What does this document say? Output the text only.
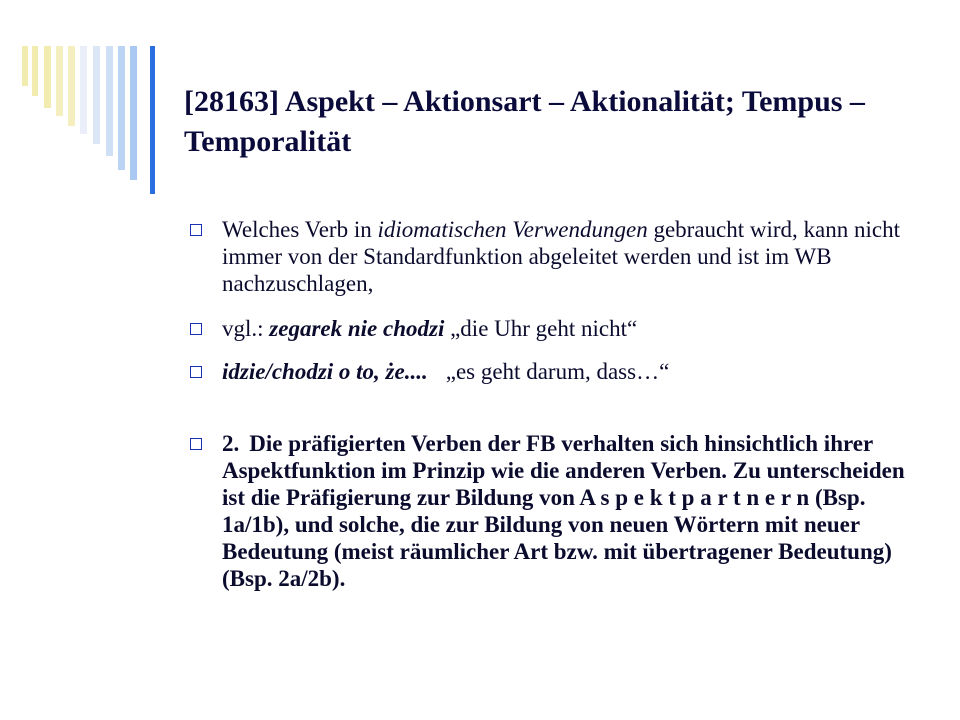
[28163] Aspekt – Aktionsart – Aktionalität; Tempus – Temporalität
Welches Verb in idiomatischen Verwendungen gebraucht wird, kann nicht immer von der Standardfunktion abgeleitet werden und ist im WB nachzuschlagen,
vgl.: zegarek nie chodzi „die Uhr geht nicht“
idzie/chodzi o to, że.... „es geht darum, dass…“
2. Die präfigierten Verben der FB verhalten sich hinsichtlich ihrer Aspektfunktion im Prinzip wie die anderen Verben. Zu unterscheiden ist die Präfigierung zur Bildung von A s p e k t p a r t n e r n (Bsp. 1a/1b), und solche, die zur Bildung von neuen Wörtern mit neuer Bedeutung (meist räumlicher Art bzw. mit übertragener Bedeutung) (Bsp. 2a/2b).
